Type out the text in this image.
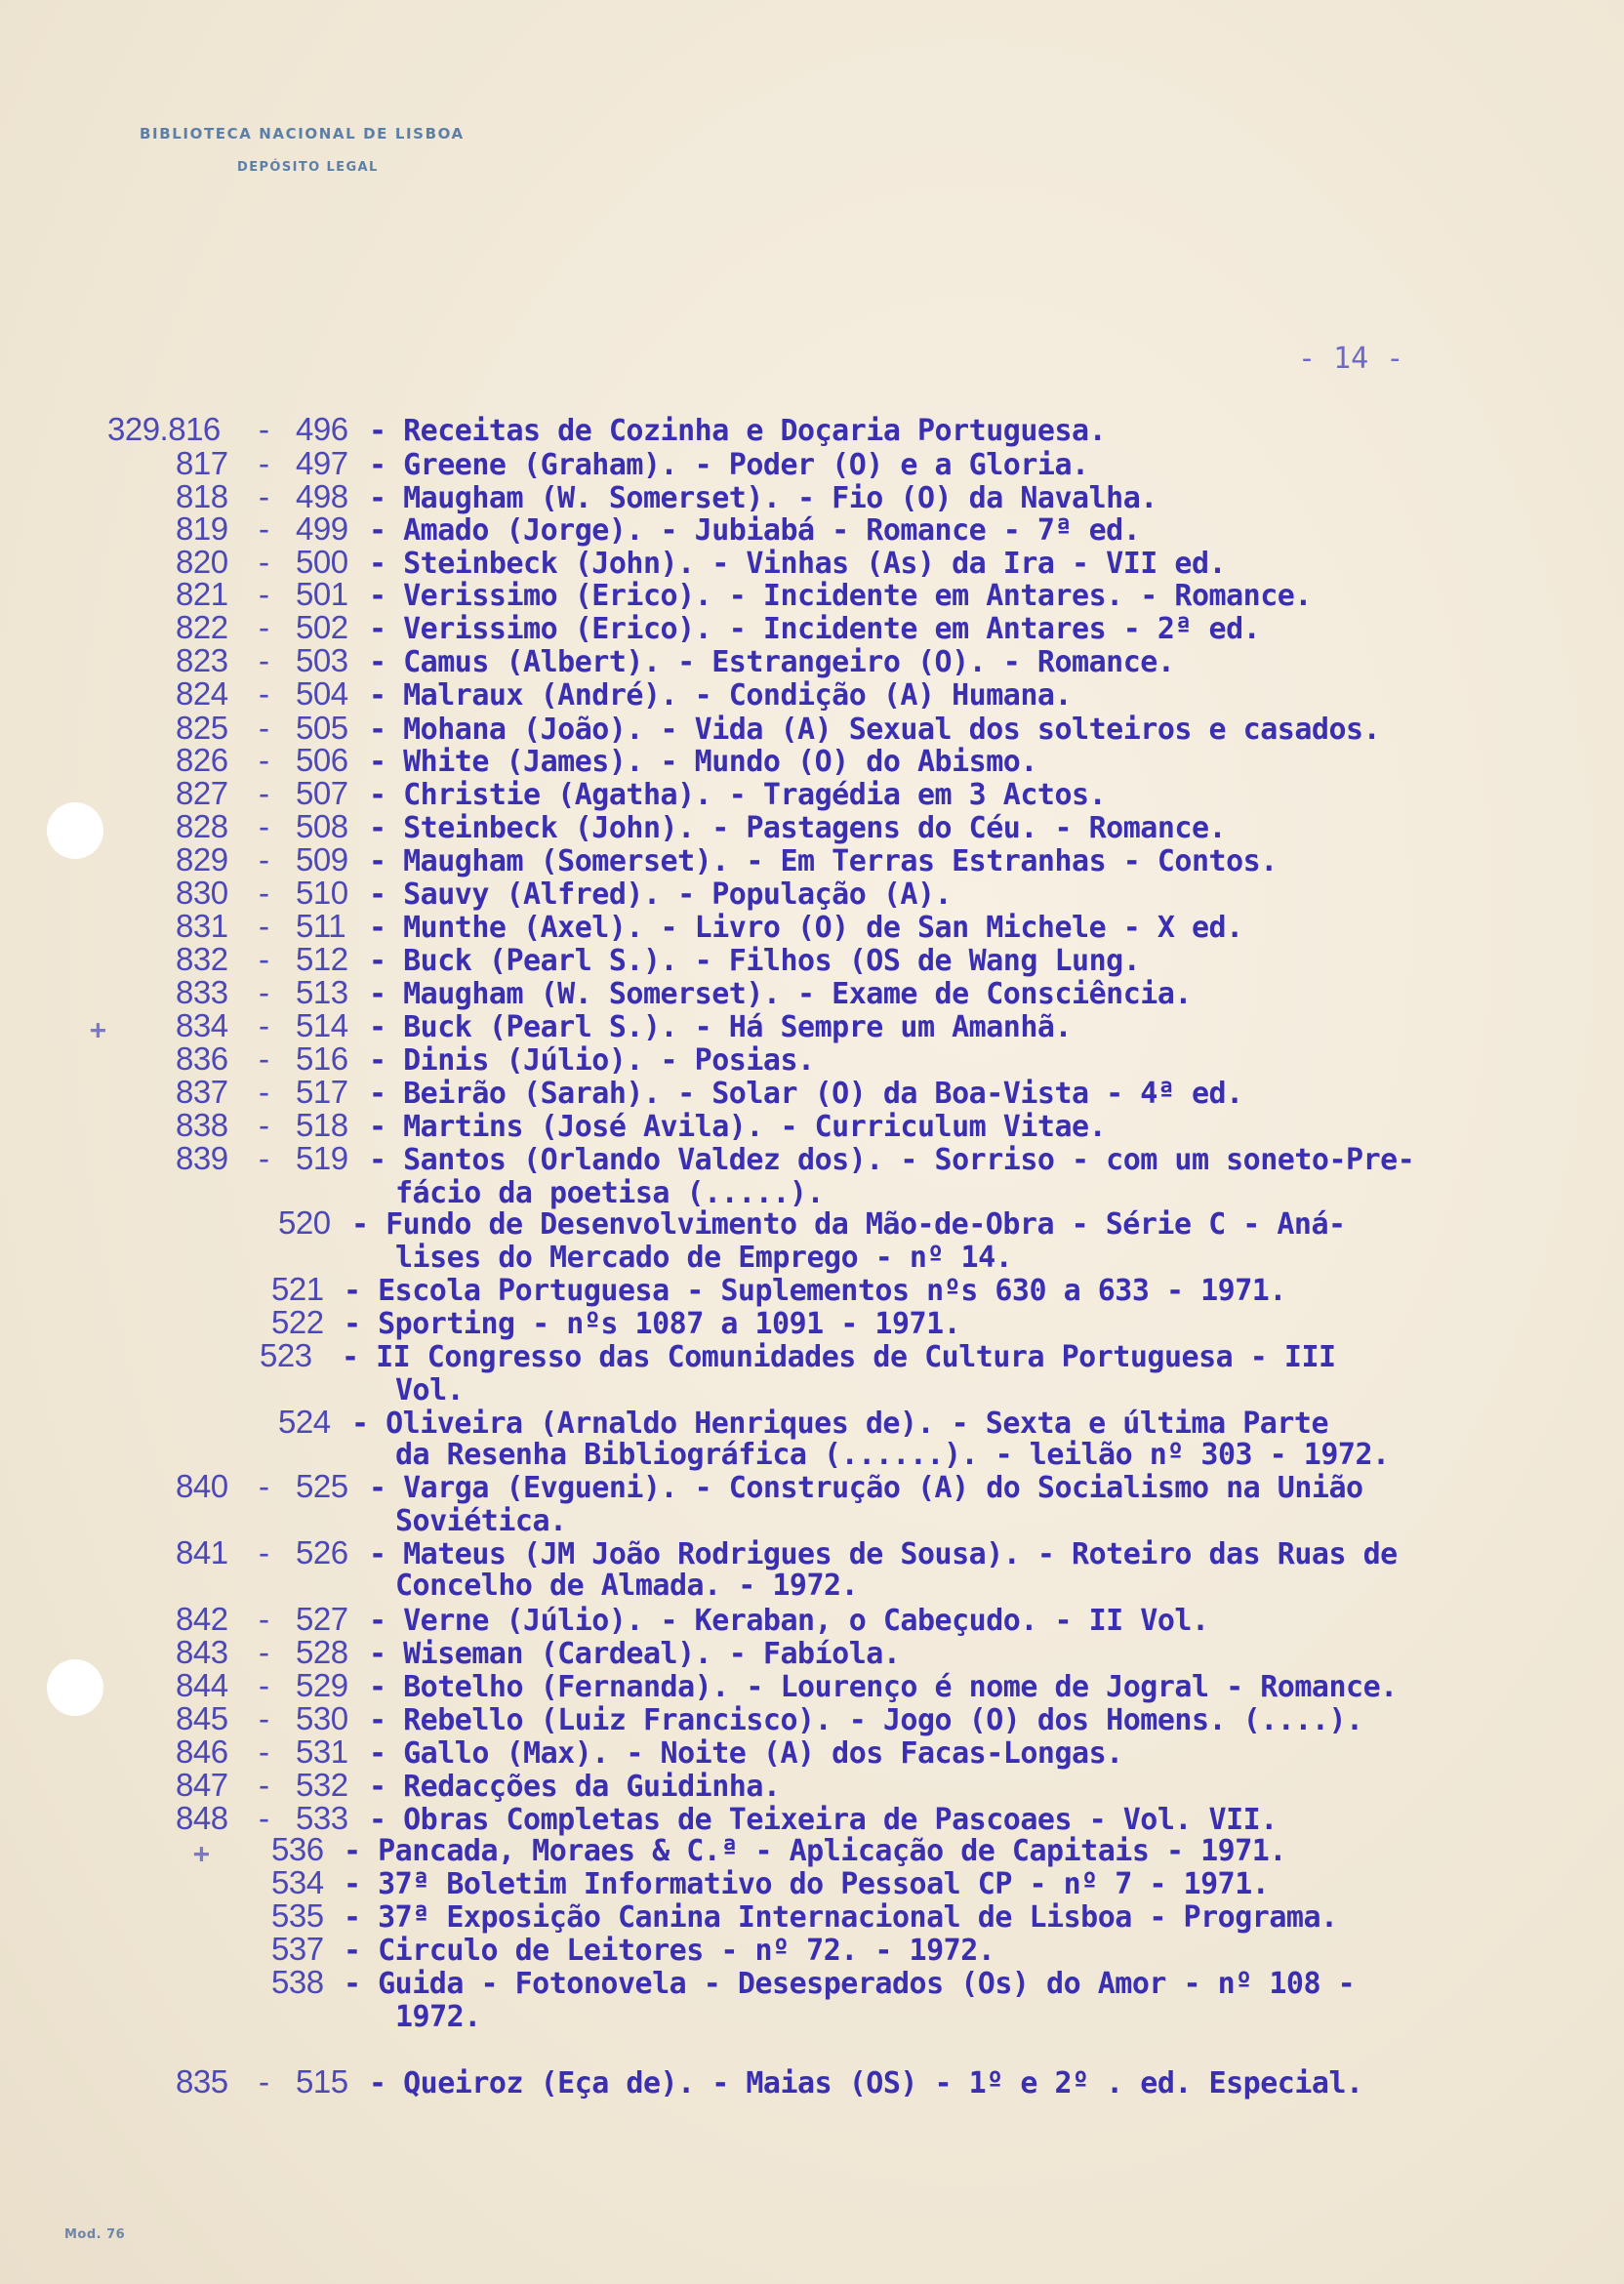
BIBLIOTECA NACIONAL DE LISBOA
DEPÓSITO LEGAL
- 14 -
329.816 - 496 - Receitas de Cozinha e Doçaria Portuguesa.
817 - 497 - Greene (Graham). - Poder (O) e a Gloria.
818 - 498 - Maugham (W. Somerset). - Fio (O) da Navalha.
819 - 499 - Amado (Jorge). - Jubiabá - Romance - 7ª ed.
820 - 500 - Steinbeck (John). - Vinhas (As) da Ira - VII ed.
821 - 501 - Verissimo (Erico). - Incidente em Antares. - Romance.
822 - 502 - Verissimo (Erico). - Incidente em Antares - 2ª ed.
823 - 503 - Camus (Albert). - Estrangeiro (O). - Romance.
824 - 504 - Malraux (André). - Condição (A) Humana.
825 - 505 - Mohana (João). - Vida (A) Sexual dos solteiros e casados.
826 - 506 - White (James). - Mundo (O) do Abismo.
827 - 507 - Christie (Agatha). - Tragédia em 3 Actos.
828 - 508 - Steinbeck (John). - Pastagens do Céu. - Romance.
829 - 509 - Maugham (Somerset). - Em Terras Estranhas - Contos.
830 - 510 - Sauvy (Alfred). - População (A).
831 - 511 - Munthe (Axel). - Livro (O) de San Michele - X ed.
832 - 512 - Buck (Pearl S.). - Filhos (OS de Wang Lung.
833 - 513 - Maugham (W. Somerset). - Exame de Consciência.
+ 834 - 514 - Buck (Pearl S.). - Há Sempre um Amanhã.
836 - 516 - Dinis (Júlio). - Posias.
837 - 517 - Beirão (Sarah). - Solar (O) da Boa-Vista - 4ª ed.
838 - 518 - Martins (José Avila). - Curriculum Vitae.
839 - 519 - Santos (Orlando Valdez dos). - Sorriso - com um soneto-Pre-
fácio da poetisa (.....).
520 - Fundo de Desenvolvimento da Mão-de-Obra - Série C - Aná-
lises do Mercado de Emprego - nº 14.
521 - Escola Portuguesa - Suplementos nºs 630 a 633 - 1971.
522 - Sporting - nºs 1087 a 1091 - 1971.
523 - II Congresso das Comunidades de Cultura Portuguesa - III
Vol.
524 - Oliveira (Arnaldo Henriques de). - Sexta e última Parte
da Resenha Bibliográfica (......). - leilão nº 303 - 1972.
840 - 525 - Varga (Evgueni). - Construção (A) do Socialismo na União
Soviética.
841 - 526 - Mateus (JM João Rodrigues de Sousa). - Roteiro das Ruas de
Concelho de Almada. - 1972.
842 - 527 - Verne (Júlio). - Keraban, o Cabeçudo. - II Vol.
843 - 528 - Wiseman (Cardeal). - Fabíola.
844 - 529 - Botelho (Fernanda). - Lourenço é nome de Jogral - Romance.
845 - 530 - Rebello (Luiz Francisco). - Jogo (O) dos Homens. (....).
846 - 531 - Gallo (Max). - Noite (A) dos Facas-Longas.
847 - 532 - Redacções da Guidinha.
848 - 533 - Obras Completas de Teixeira de Pascoaes - Vol. VII.
+ 536 - Pancada, Moraes & C.ª - Aplicação de Capitais - 1971.
534 - 37ª Boletim Informativo do Pessoal CP - nº 7 - 1971.
535 - 37ª Exposição Canina Internacional de Lisboa - Programa.
537 - Circulo de Leitores - nº 72. - 1972.
538 - Guida - Fotonovela - Desesperados (Os) do Amor - nº 108 -
1972.
835 - 515 - Queiroz (Eça de). - Maias (OS) - 1º e 2º . ed. Especial.
Mod. 76
